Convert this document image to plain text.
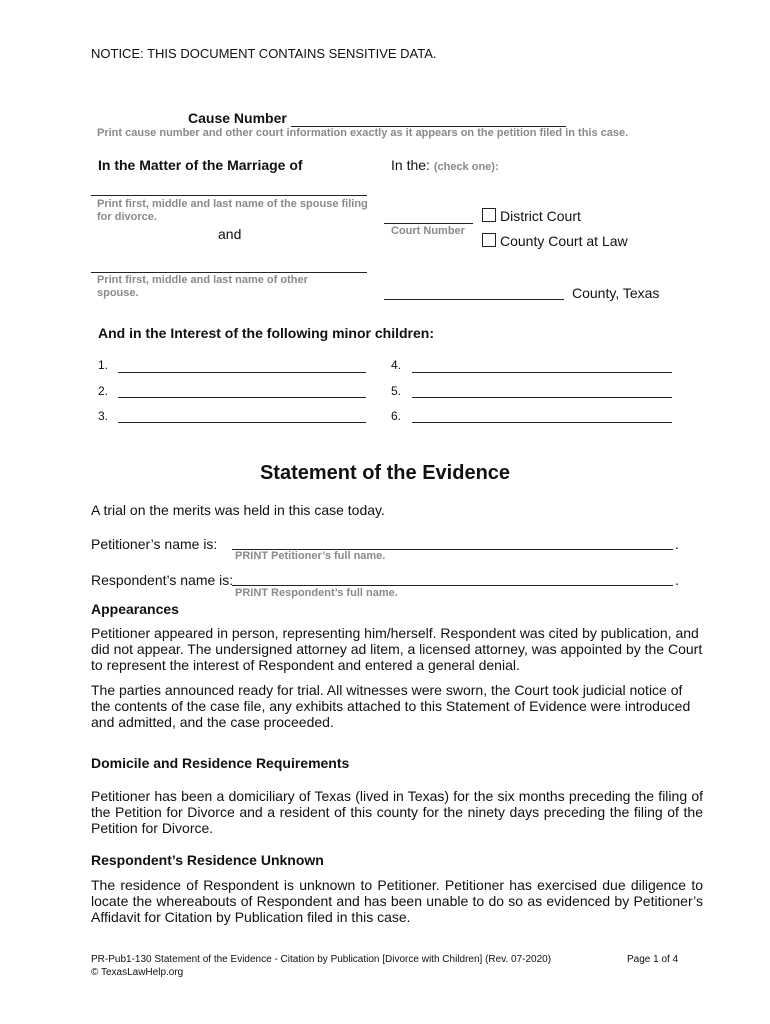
NOTICE: THIS DOCUMENT CONTAINS SENSITIVE DATA.
Cause Number
Print cause number and other court information exactly as it appears on the petition filed in this case.
In the Matter of the Marriage of
Print first, middle and last name of the spouse filing for divorce.
and
Print first, middle and last name of other spouse.
In the: (check one):
Court Number
District Court
County Court at Law
County, Texas
And in the Interest of the following minor children:
1.
2.
3.
4.
5.
6.
Statement of the Evidence
A trial on the merits was held in this case today.
Petitioner’s name is:	.
PRINT Petitioner’s full name.
Respondent’s name is:	.
PRINT Respondent’s full name.
Appearances
Petitioner appeared in person, representing him/herself. Respondent was cited by publication, and did not appear. The undersigned attorney ad litem, a licensed attorney, was appointed by the Court to represent the interest of Respondent and entered a general denial.
The parties announced ready for trial. All witnesses were sworn, the Court took judicial notice of the contents of the case file, any exhibits attached to this Statement of Evidence were introduced and admitted, and the case proceeded.
Domicile and Residence Requirements
Petitioner has been a domiciliary of Texas (lived in Texas) for the six months preceding the filing of the Petition for Divorce and a resident of this county for the ninety days preceding the filing of the Petition for Divorce.
Respondent’s Residence Unknown
The residence of Respondent is unknown to Petitioner. Petitioner has exercised due diligence to locate the whereabouts of Respondent and has been unable to do so as evidenced by Petitioner’s Affidavit for Citation by Publication filed in this case.
PR-Pub1-130 Statement of the Evidence - Citation by Publication [Divorce with Children] (Rev. 07-2020)
© TexasLawHelp.org
Page 1 of 4
